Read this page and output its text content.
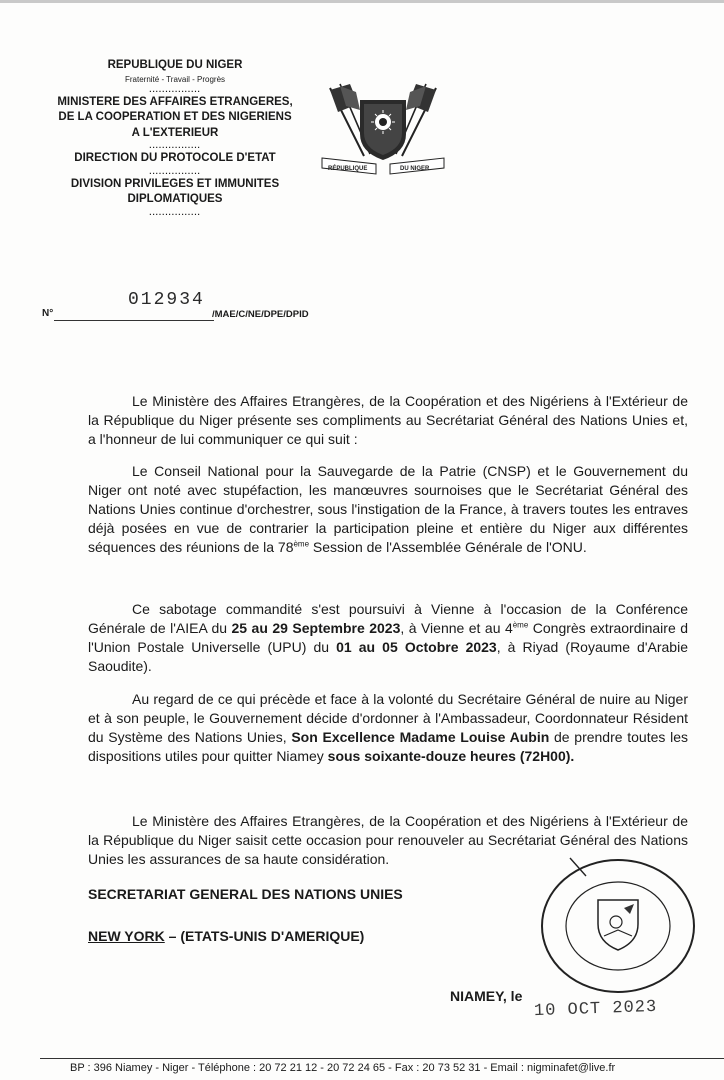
REPUBLIQUE DU NIGER
Fraternité - Travail - Progrès
................
MINISTERE DES AFFAIRES ETRANGERES,
DE LA COOPERATION ET DES NIGERIENS
A L'EXTERIEUR
................
DIRECTION DU PROTOCOLE D'ETAT
................
DIVISION PRIVILEGES ET IMMUNITES
DIPLOMATIQUES
................
RÉPUBLIQUE	DU NIGER
N°
012934
/MAE/C/NE/DPE/DPID

Le Ministère des Affaires Etrangères, de la Coopération et des Nigériens à l'Extérieur de la République du Niger présente ses compliments au Secrétariat Général des Nations Unies et, a l'honneur de lui communiquer ce qui suit :

Le Conseil National pour la Sauvegarde de la Patrie (CNSP) et le Gouvernement du Niger ont noté avec stupéfaction, les manœuvres sournoises que le Secrétariat Général des Nations Unies continue d'orchestrer, sous l'instigation de la France, à travers toutes les entraves déjà posées en vue de contrarier la participation pleine et entière du Niger aux différentes séquences des réunions de la 78ème Session de l'Assemblée Générale de l'ONU.

Ce sabotage commandité s'est poursuivi à Vienne à l'occasion de la Conférence Générale de l'AIEA du 25 au 29 Septembre 2023, à Vienne et au 4ème Congrès extraordinaire d l'Union Postale Universelle (UPU) du 01 au 05 Octobre 2023, à Riyad (Royaume d'Arabie Saoudite).

Au regard de ce qui précède et face à la volonté du Secrétaire Général de nuire au Niger et à son peuple, le Gouvernement décide d'ordonner à l'Ambassadeur, Coordonnateur Résident du Système des Nations Unies, Son Excellence Madame Louise Aubin de prendre toutes les dispositions utiles pour quitter Niamey sous soixante-douze heures (72H00).

Le Ministère des Affaires Etrangères, de la Coopération et des Nigériens à l'Extérieur de la République du Niger saisit cette occasion pour renouveler au Secrétariat Général des Nations Unies les assurances de sa haute considération.

SECRETARIAT GENERAL DES NATIONS UNIES
NEW YORK – (ETATS-UNIS D'AMERIQUE)
NIAMEY, le
10 OCT 2023
BP : 396 Niamey - Niger - Téléphone : 20 72 21 12 - 20 72 24 65 - Fax : 20 73 52 31 - Email : nigminafet@live.fr
